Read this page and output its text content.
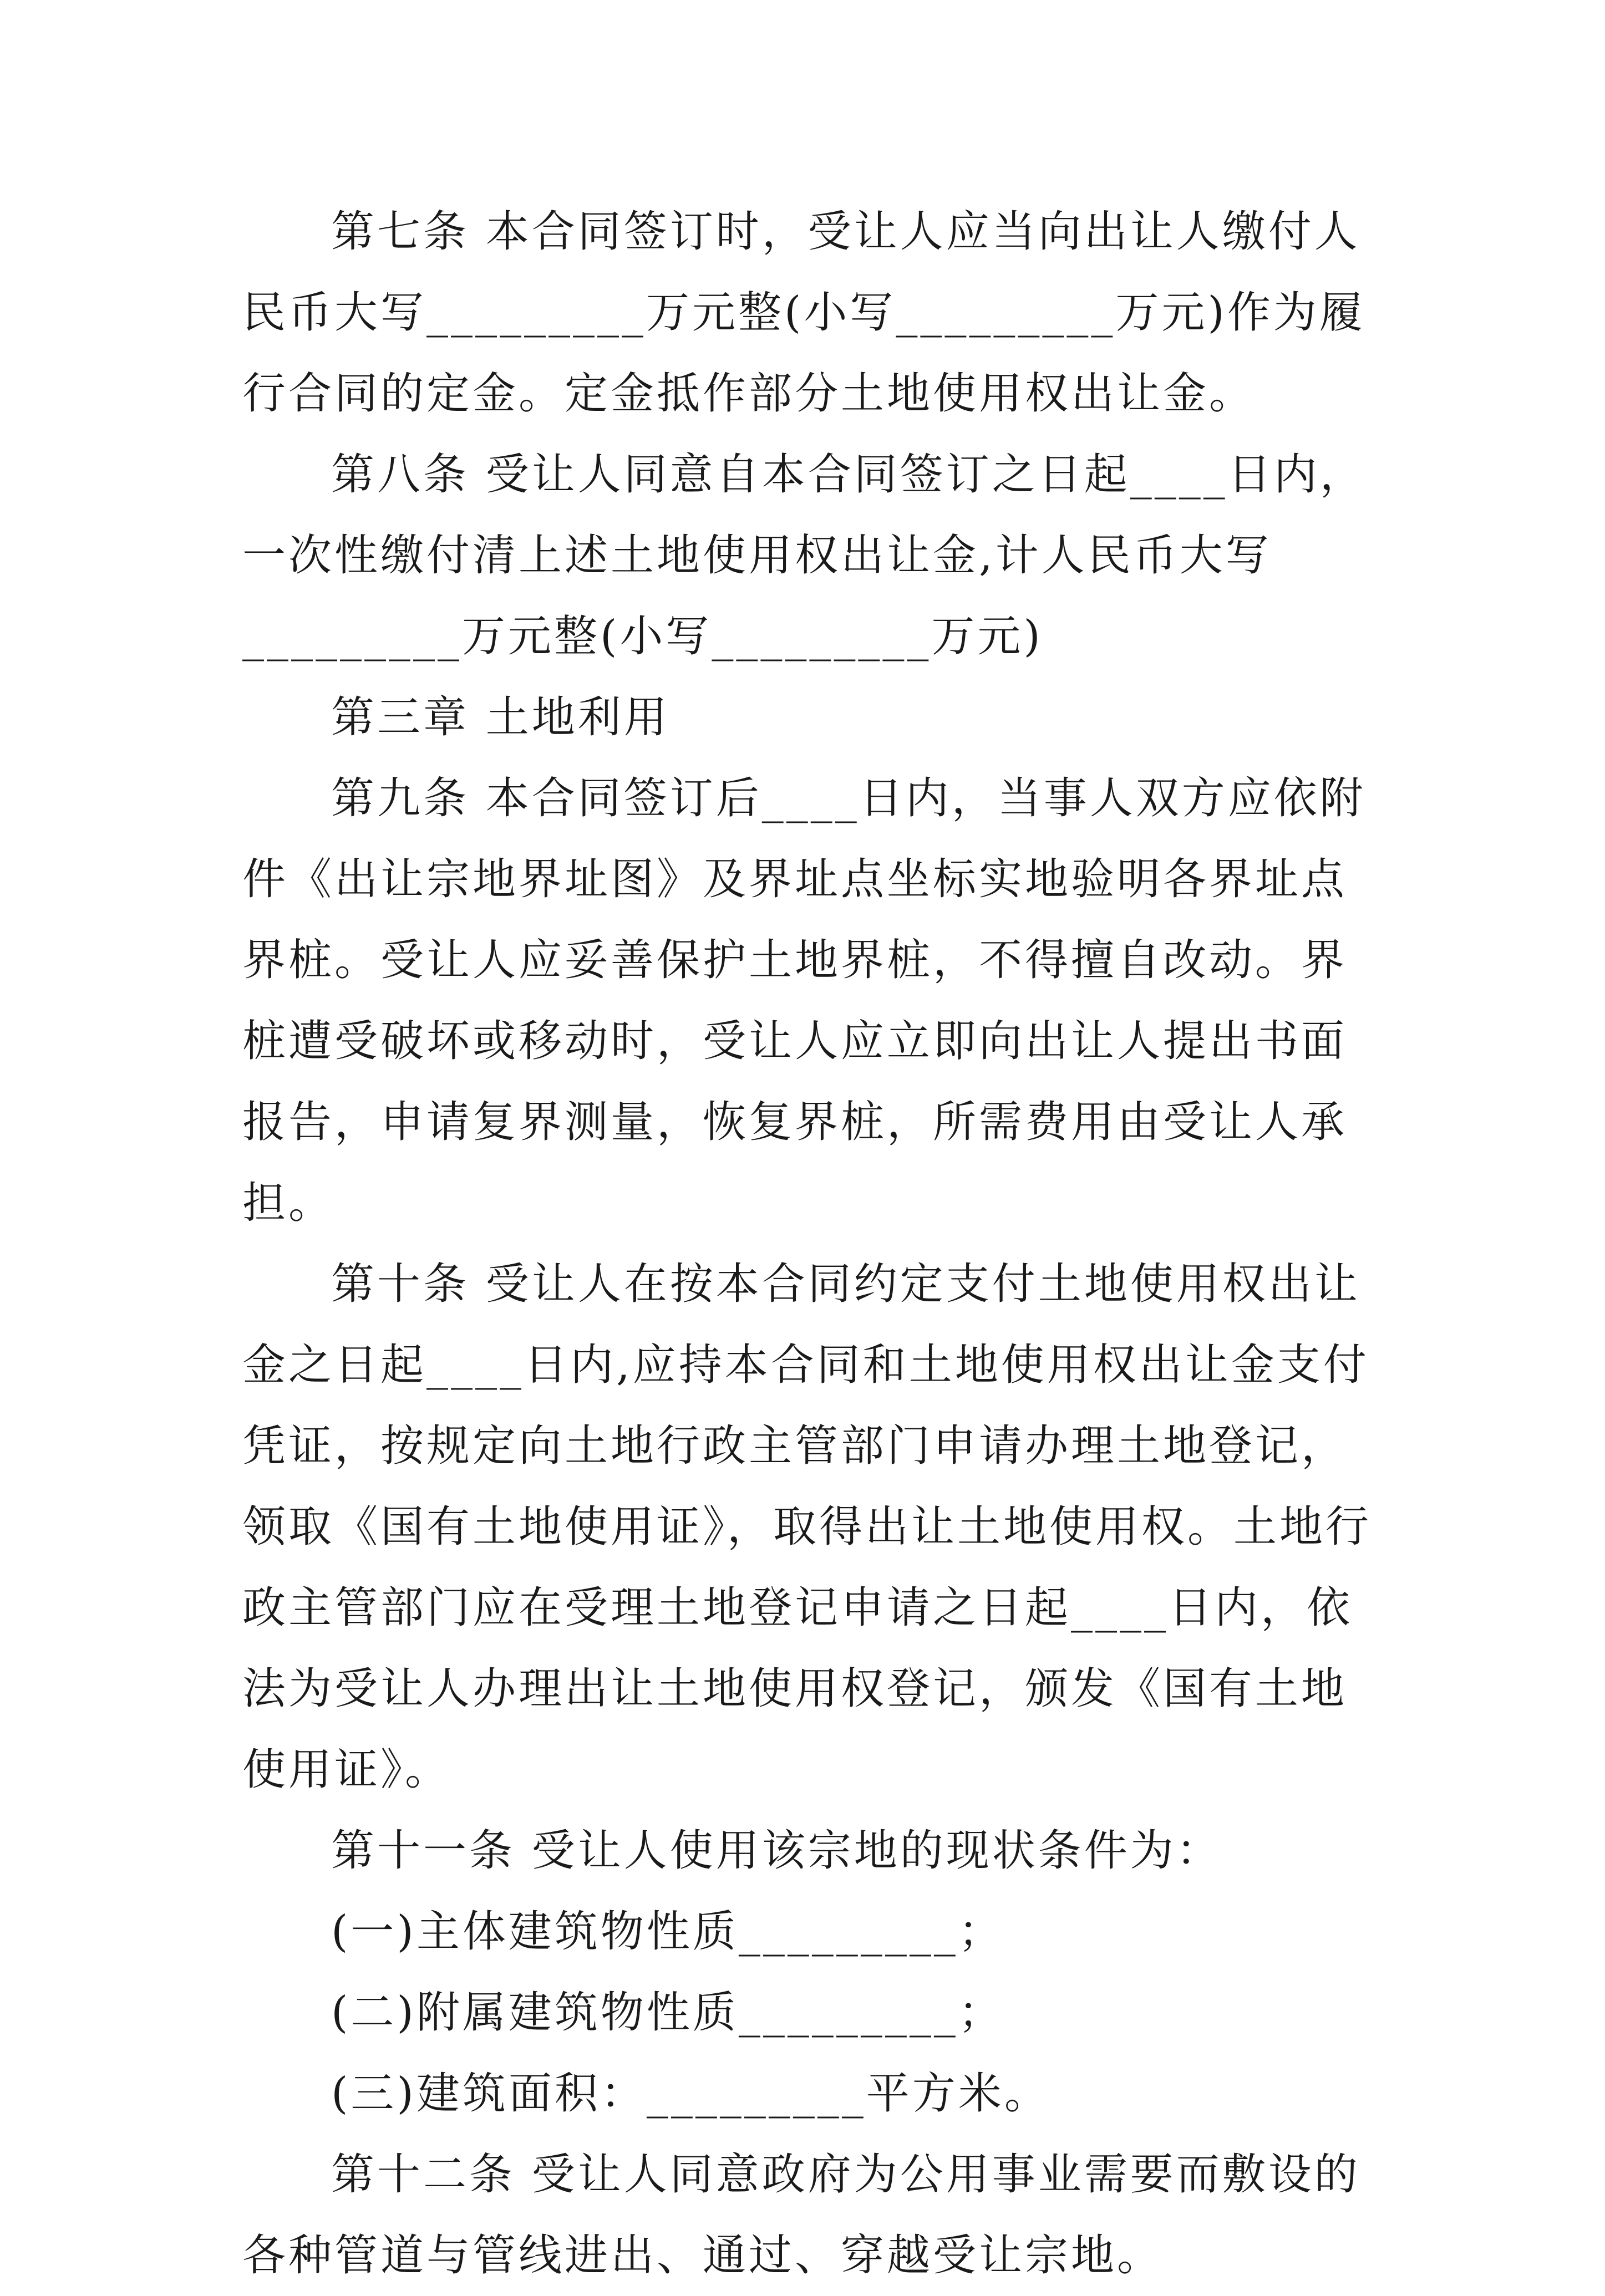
第七条 本合同签订时，受让人应当向出让人缴付人民币大写_________万元整(小写_________万元)作为履行合同的定金。定金抵作部分土地使用权出让金。

第八条 受让人同意自本合同签订之日起____日内，一次性缴付清上述土地使用权出让金,计人民币大写_________万元整(小写_________万元)

第三章 土地利用

第九条 本合同签订后____日内，当事人双方应依附件《出让宗地界址图》及界址点坐标实地验明各界址点界桩。受让人应妥善保护土地界桩，不得擅自改动。界桩遭受破坏或移动时，受让人应立即向出让人提出书面报告，申请复界测量，恢复界桩，所需费用由受让人承担。

第十条 受让人在按本合同约定支付土地使用权出让金之日起____日内,应持本合同和土地使用权出让金支付凭证，按规定向土地行政主管部门申请办理土地登记，领取《国有土地使用证》，取得出让土地使用权。土地行政主管部门应在受理土地登记申请之日起____日内，依法为受让人办理出让土地使用权登记，颁发《国有土地使用证》。

第十一条 受让人使用该宗地的现状条件为：

(一)主体建筑物性质_________；

(二)附属建筑物性质_________；

(三)建筑面积：_________平方米。

第十二条 受让人同意政府为公用事业需要而敷设的各种管道与管线进出、通过、穿越受让宗地。
